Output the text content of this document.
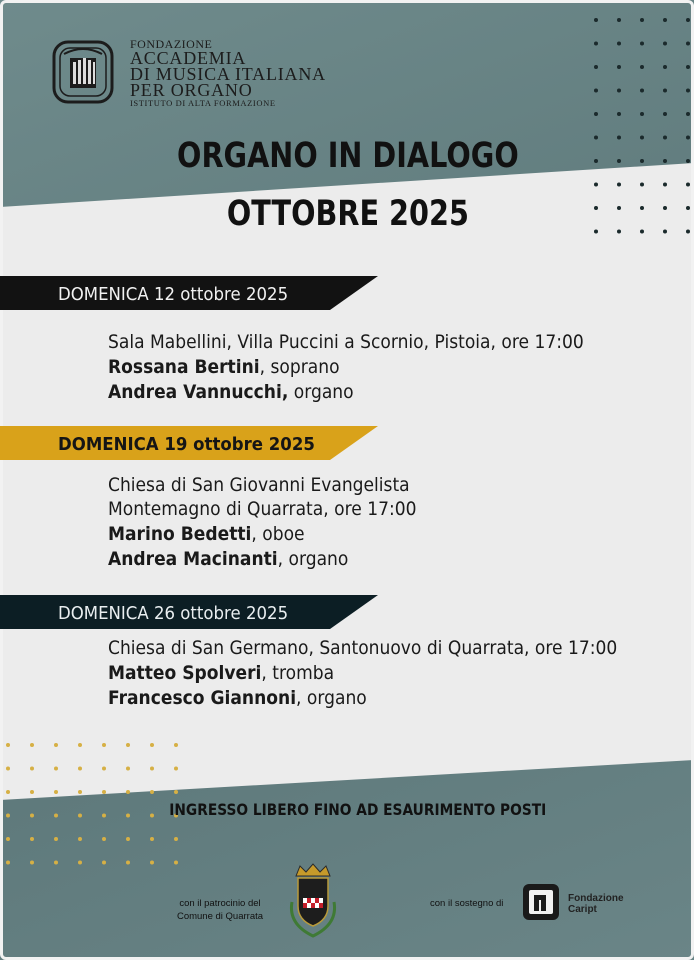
FONDAZIONE
ACCADEMIA
DI MUSICA ITALIANA
PER ORGANO
ISTITUTO DI ALTA FORMAZIONE
ORGANO IN DIALOGO
OTTOBRE 2025
DOMENICA 12 ottobre 2025
Sala Mabellini, Villa Puccini a Scornio, Pistoia, ore 17:00
Rossana Bertini, soprano
Andrea Vannucchi, organo
DOMENICA 19 ottobre 2025
Chiesa di San Giovanni Evangelista
Montemagno di Quarrata, ore 17:00
Marino Bedetti, oboe
Andrea Macinanti, organo
DOMENICA 26 ottobre 2025
Chiesa di San Germano, Santonuovo di Quarrata, ore 17:00
Matteo Spolveri, tromba
Francesco Giannoni, organo
INGRESSO LIBERO FINO AD ESAURIMENTO POSTI
con il patrocinio del
Comune di Quarrata
con il sostegno di	Fondazione
Caript
